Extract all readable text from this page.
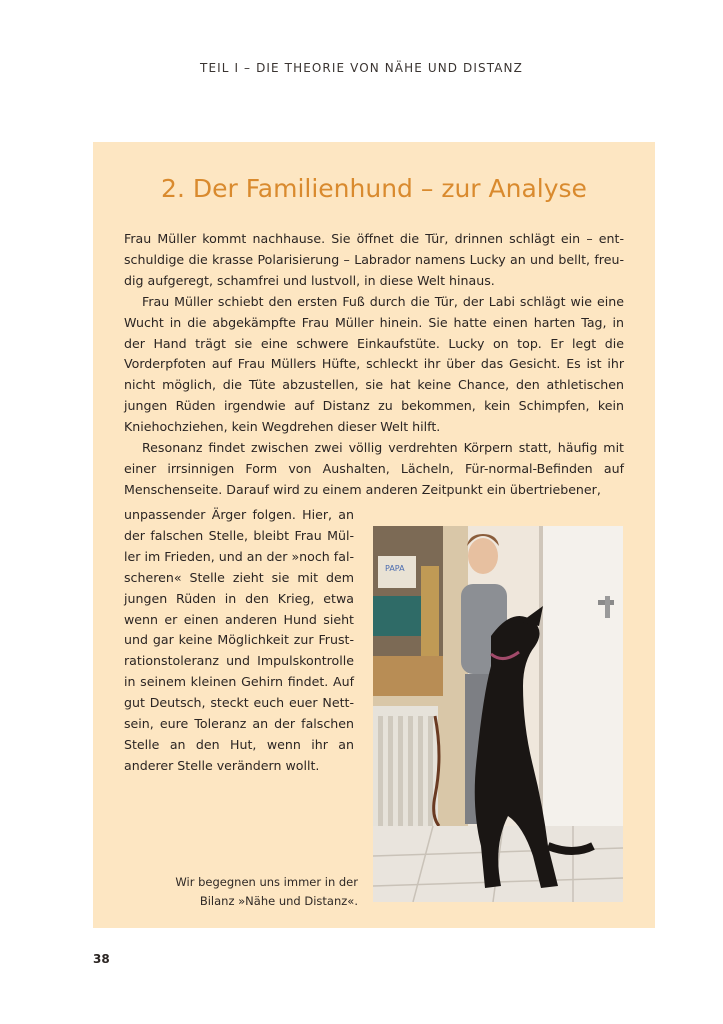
TEIL I – DIE THEORIE VON NÄHE UND DISTANZ
2. Der Familienhund – zur Analyse

Frau Müller kommt nachhause. Sie öffnet die Tür, drinnen schlägt ein – entschuldige die krasse Polarisierung – Labrador namens Lucky an und bellt, freudig aufgeregt, schamfrei und lustvoll, in diese Welt hinaus.

Frau Müller schiebt den ersten Fuß durch die Tür, der Labi schlägt wie eine Wucht in die abgekämpfte Frau Müller hinein. Sie hatte einen harten Tag, in der Hand trägt sie eine schwere Einkaufstüte. Lucky on top. Er legt die Vorderpfoten auf Frau Müllers Hüfte, schleckt ihr über das Gesicht. Es ist ihr nicht möglich, die Tüte abzustellen, sie hat keine Chance, den athletischen jungen Rüden irgendwie auf Distanz zu bekommen, kein Schimpfen, kein Kniehochziehen, kein Wegdrehen dieser Welt hilft.

Resonanz findet zwischen zwei völlig verdrehten Körpern statt, häufig mit einer irrsinnigen Form von Aushalten, Lächeln, Für-normal-Befinden auf Menschenseite. Darauf wird zu einem anderen Zeitpunkt ein übertriebener,

unpassender Ärger folgen. Hier, an der falschen Stelle, bleibt Frau Müller im Frieden, und an der »noch falscheren« Stelle zieht sie mit dem jungen Rüden in den Krieg, etwa wenn er einen anderen Hund sieht und gar keine Möglichkeit zur Frustrationstoleranz und Impulskontrolle in seinem kleinen Gehirn findet. Auf gut Deutsch, steckt euch euer Nettsein, eure Toleranz an der falschen Stelle an den Hut, wenn ihr an anderer Stelle verändern wollt.
PAPA
Wir begegnen uns immer in der Bilanz »Nähe und Distanz«.
38
